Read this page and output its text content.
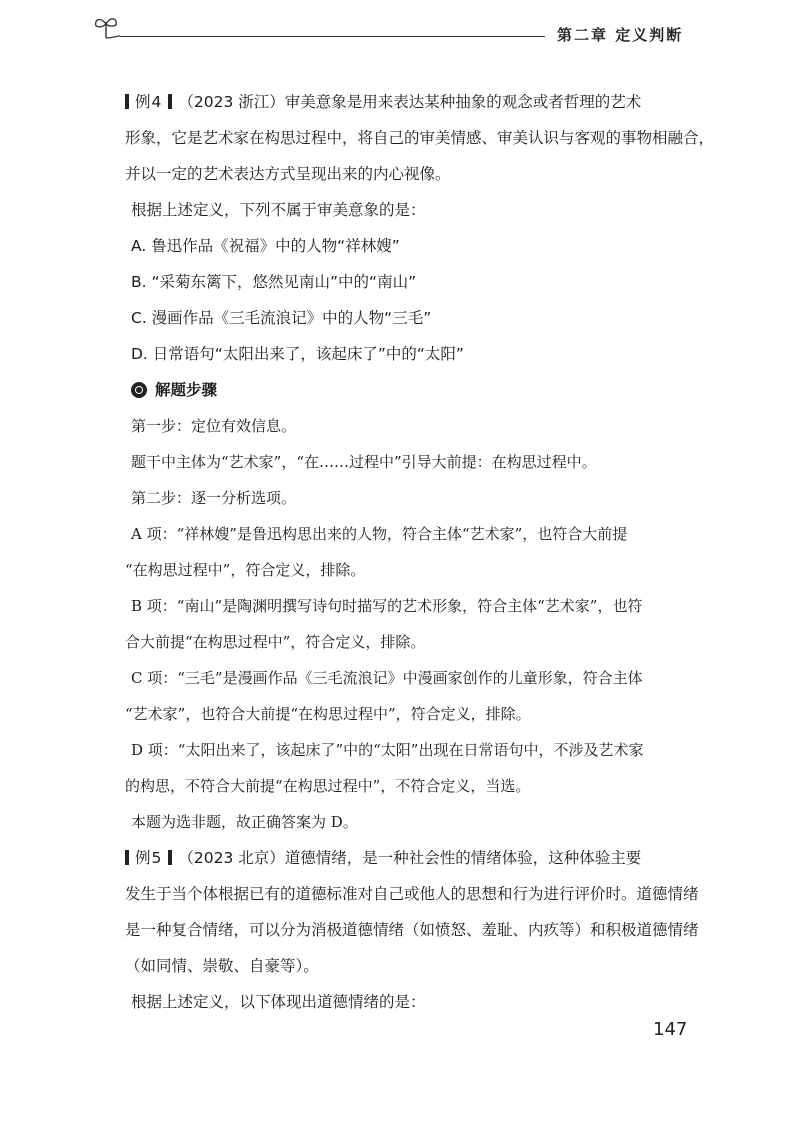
第二章 定义判断

例4 （2023 浙江）审美意象是用来表达某种抽象的观念或者哲理的艺术

形象，它是艺术家在构思过程中，将自己的审美情感、审美认识与客观的事物相融合，

并以一定的艺术表达方式呈现出来的内心视像。

根据上述定义，下列不属于审美意象的是：

A. 鲁迅作品《祝福》中的人物“祥林嫂”

B. “采菊东篱下，悠然见南山”中的“南山”

C. 漫画作品《三毛流浪记》中的人物“三毛”

D. 日常语句“太阳出来了，该起床了”中的“太阳”

解题步骤

第一步：定位有效信息。

题干中主体为“艺术家”，“在……过程中”引导大前提：在构思过程中。

第二步：逐一分析选项。

A 项：“祥林嫂”是鲁迅构思出来的人物，符合主体“艺术家”，也符合大前提

“在构思过程中”，符合定义，排除。

B 项：“南山”是陶渊明撰写诗句时描写的艺术形象，符合主体“艺术家”，也符

合大前提“在构思过程中”，符合定义，排除。

C 项：“三毛”是漫画作品《三毛流浪记》中漫画家创作的儿童形象，符合主体

“艺术家”，也符合大前提“在构思过程中”，符合定义，排除。

D 项：“太阳出来了，该起床了”中的“太阳”出现在日常语句中，不涉及艺术家

的构思，不符合大前提“在构思过程中”，不符合定义，当选。

本题为选非题，故正确答案为 D。

例5 （2023 北京）道德情绪，是一种社会性的情绪体验，这种体验主要

发生于当个体根据已有的道德标准对自己或他人的思想和行为进行评价时。道德情绪

是一种复合情绪，可以分为消极道德情绪（如愤怒、羞耻、内疚等）和积极道德情绪

（如同情、崇敬、自豪等）。

根据上述定义，以下体现出道德情绪的是：

147
